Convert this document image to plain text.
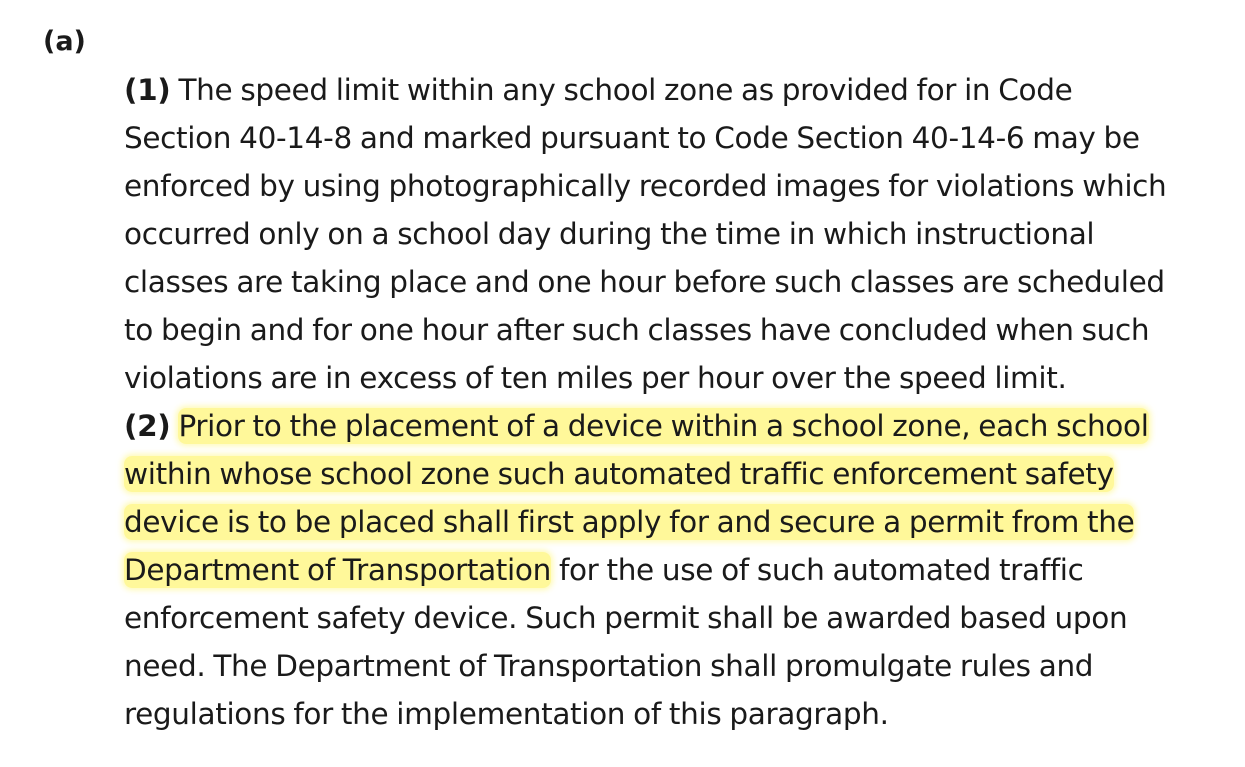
(a)
(1) The speed limit within any school zone as provided for in Code
Section 40-14-8 and marked pursuant to Code Section 40-14-6 may be
enforced by using photographically recorded images for violations which
occurred only on a school day during the time in which instructional
classes are taking place and one hour before such classes are scheduled
to begin and for one hour after such classes have concluded when such
violations are in excess of ten miles per hour over the speed limit.
(2) Prior to the placement of a device within a school zone, each school
within whose school zone such automated traffic enforcement safety
device is to be placed shall first apply for and secure a permit from the
Department of Transportation for the use of such automated traffic
enforcement safety device. Such permit shall be awarded based upon
need. The Department of Transportation shall promulgate rules and
regulations for the implementation of this paragraph.
